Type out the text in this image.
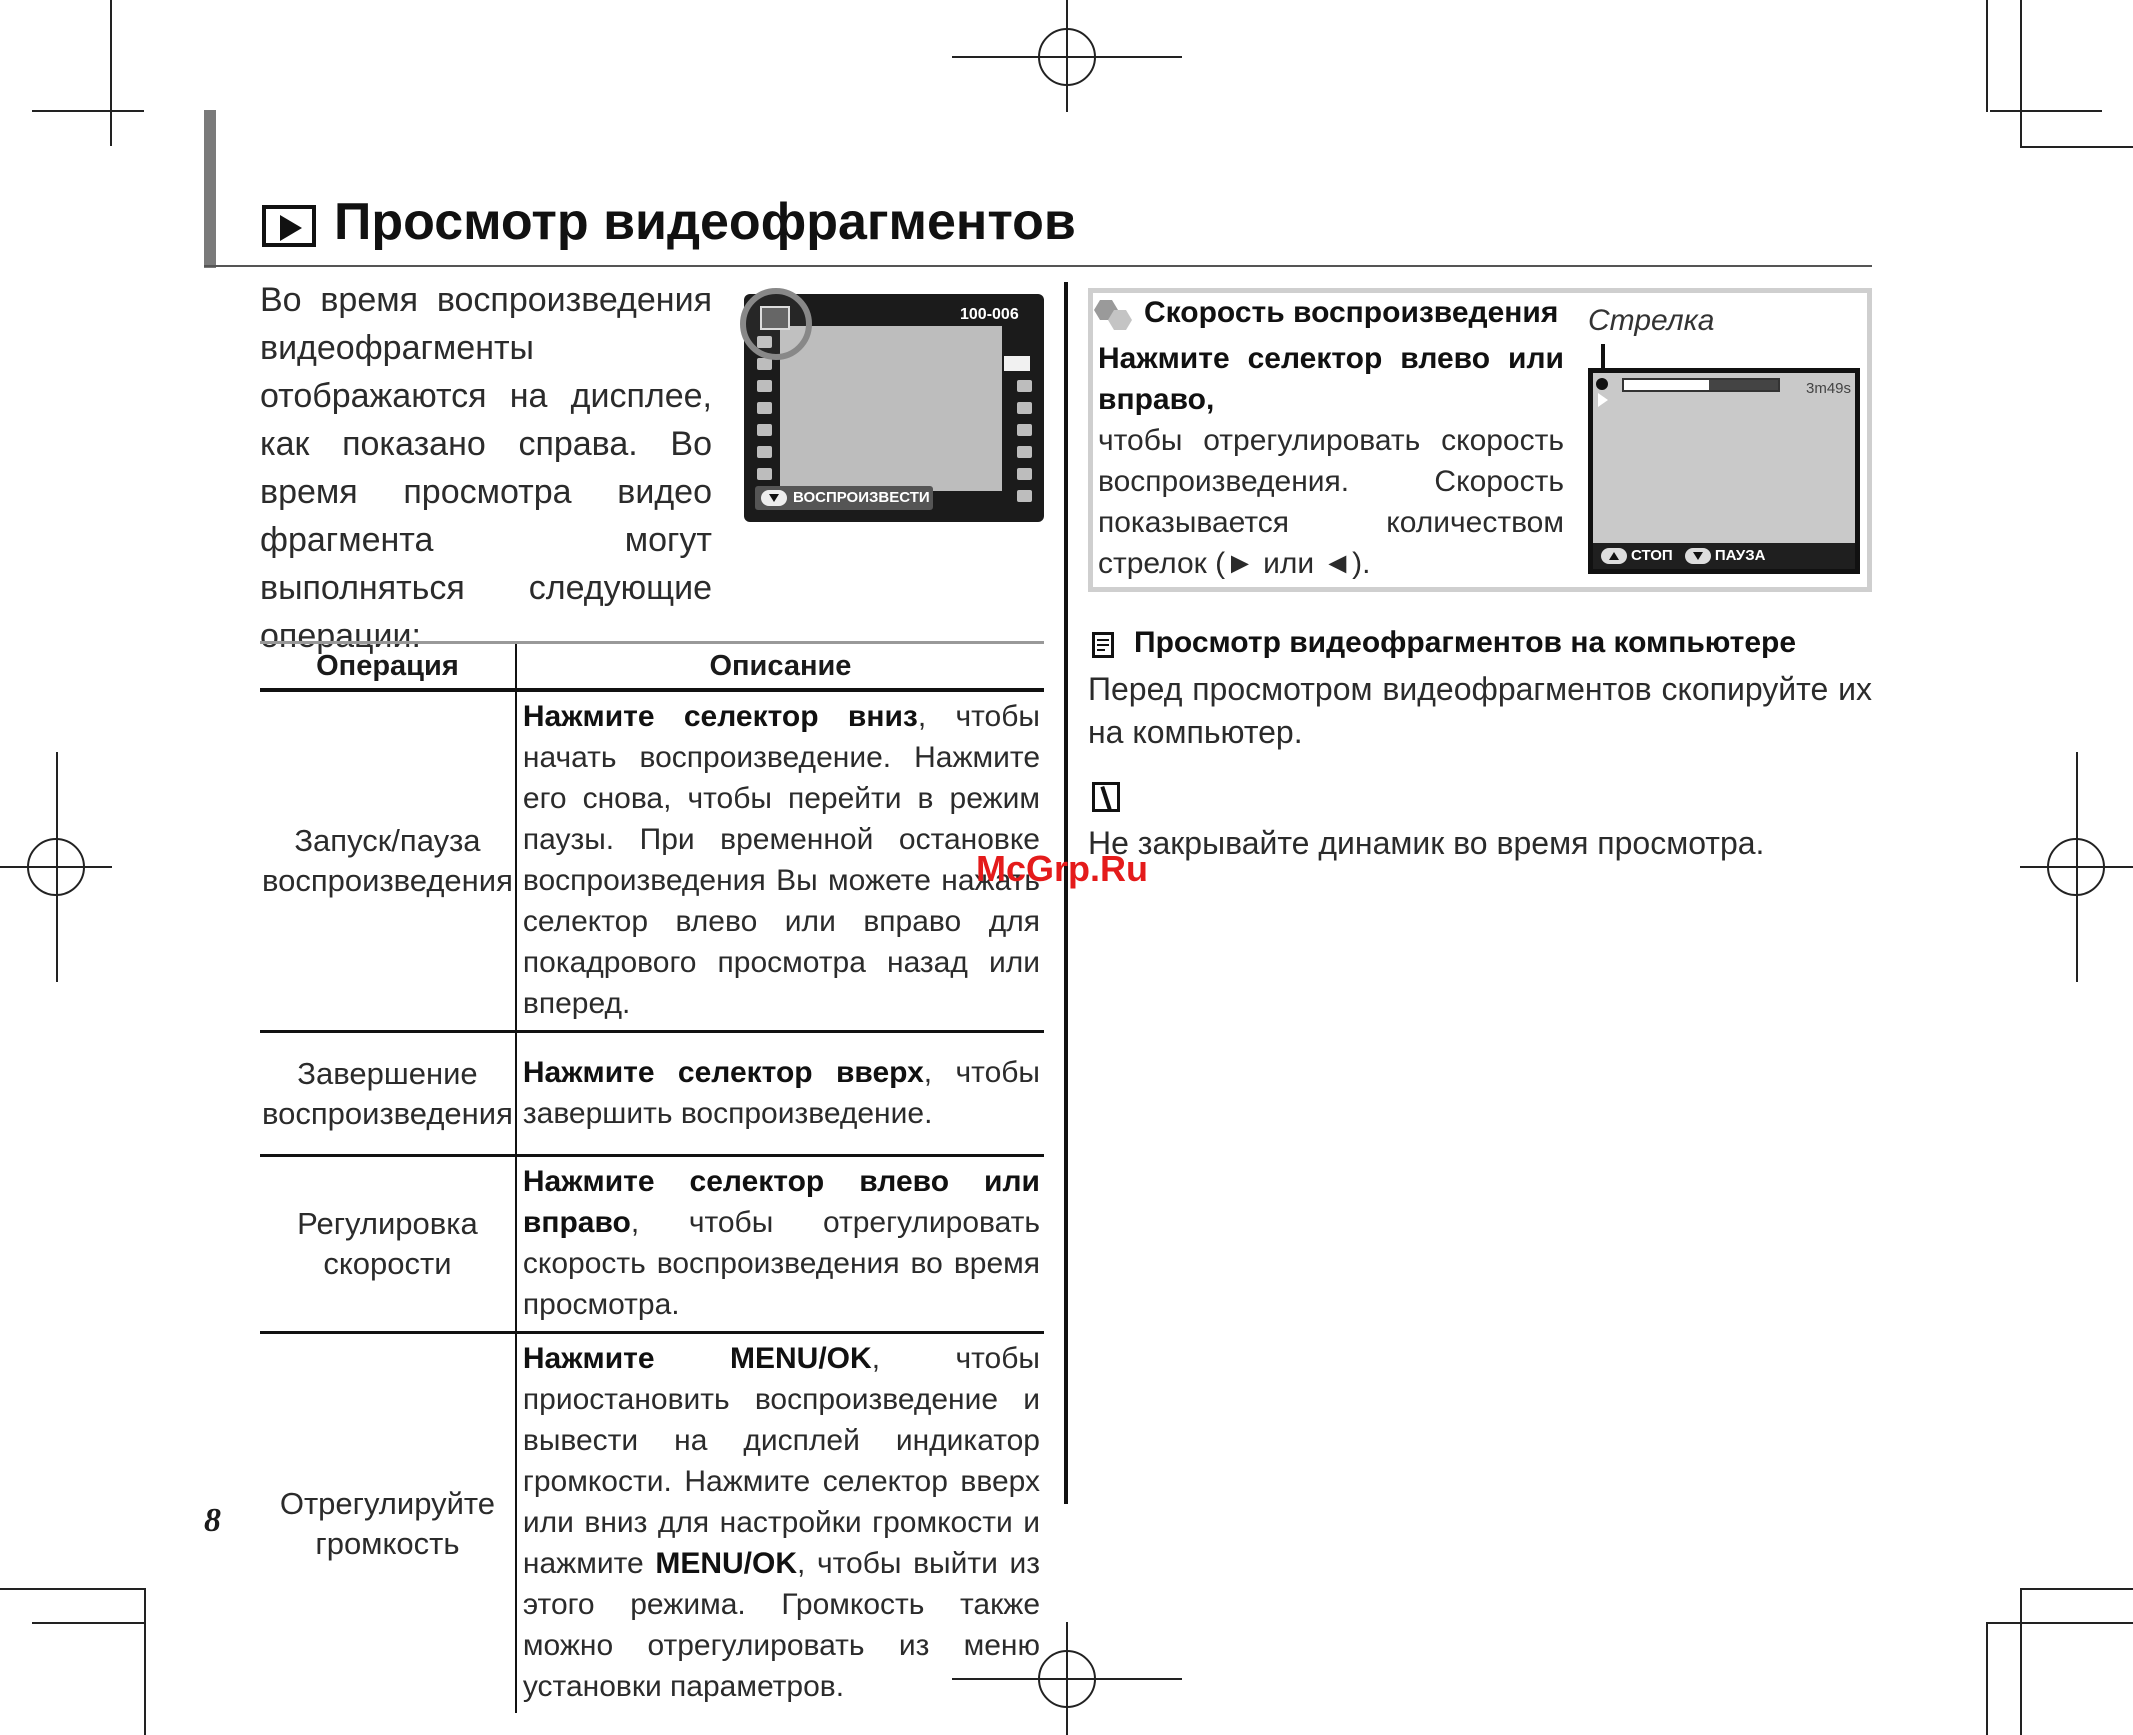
Просмотр видеофрагментов
Во время воспроизведения видеофрагменты отображаются на дисплее, как показано справа. Во время просмотра видео фрагмента могут выполняться следующие операции:
100-006
ВОСПРОИЗВЕСТИ
Операция	Описание
Запуск/пауза воспроизведения	Нажмите селектор вниз, чтобы начать воспроизведение. Нажмите его снова, чтобы перейти в режим паузы. При временной остановке воспроизведения Вы можете нажать селектор влево или вправо для покадрового просмотра назад или вперед.
Завершение воспроизведения	Нажмите селектор вверх, чтобы завершить воспроизведение.
Регулировка скорости	Нажмите селектор влево или вправо, чтобы отрегулировать скорость воспроизведения во время просмотра.
Отрегулируйте громкость	Нажмите MENU/OK, чтобы приостановить воспроизведение и вывести на дисплей индикатор громкости. Нажмите селектор вверх или вниз для настройки громкости и нажмите MENU/OK, чтобы выйти из этого режима. Громкость также можно отрегулировать из меню установки параметров.
Скорость воспроизведения
Нажмите селектор влево или вправо,
чтобы отрегулировать скорость воспроизведения. Скорость показывается количеством стрелок (► или ◄).
Стрелка
3m49s
СТОП	ПАУЗА
Просмотр видеофрагментов на компьютере
Перед просмотром видеофрагментов скопируйте их на компьютер.
Не закрывайте динамик во время просмотра.
McGrp.Ru
8
